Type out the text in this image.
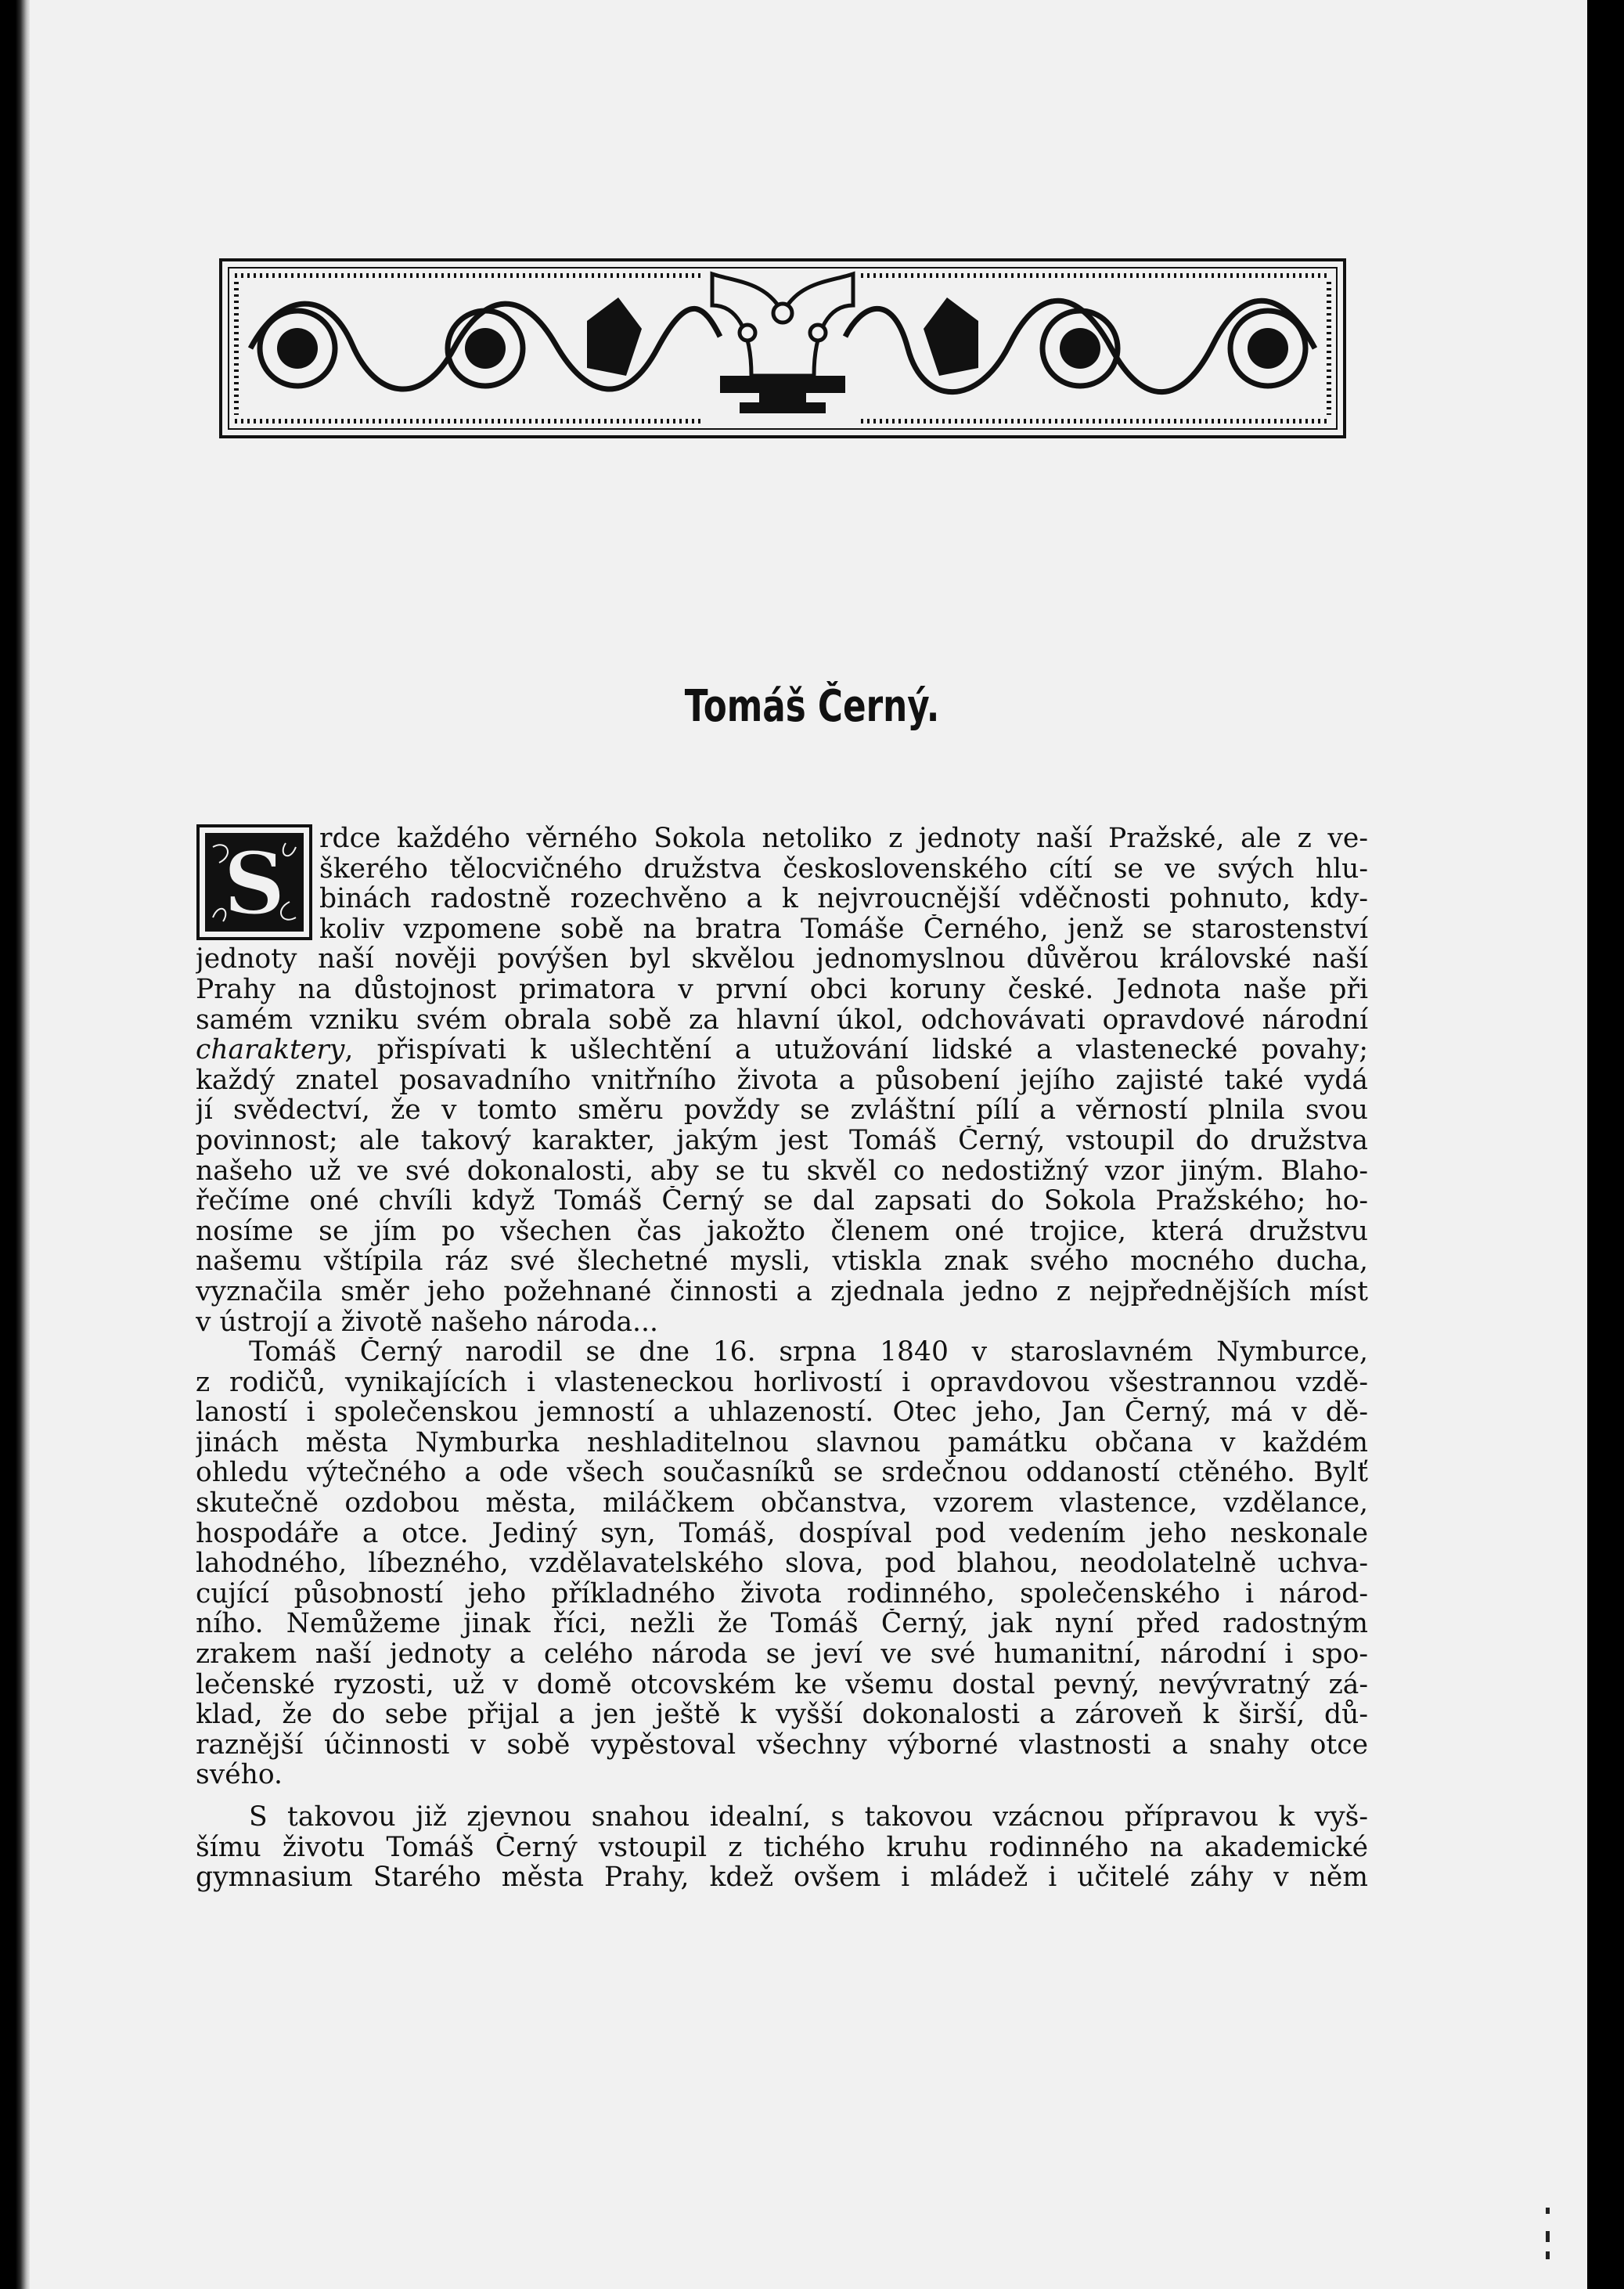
Tomáš Černý.
S	rdce každého věrného Sokola netoliko z jednoty naší Pražské, ale z ve-
škerého tělocvičného družstva československého cítí se ve svých hlu-
binách radostně rozechvěno a k nejvroucnější vděčnosti pohnuto, kdy-
koliv vzpomene sobě na bratra Tomáše Černého, jenž se starostenství
jednoty naší nověji povýšen byl skvělou jednomyslnou důvěrou královské naší
Prahy na důstojnost primatora v první obci koruny české. Jednota naše při
samém vzniku svém obrala sobě za hlavní úkol, odchovávati opravdové národní
charaktery, přispívati k ušlechtění a utužování lidské a vlastenecké povahy;
každý znatel posavadního vnitřního života a působení jejího zajisté také vydá
jí svědectví, že v tomto směru povždy se zvláštní pílí a věrností plnila svou
povinnost; ale takový karakter, jakým jest Tomáš Černý, vstoupil do družstva
našeho už ve své dokonalosti, aby se tu skvěl co nedostižný vzor jiným. Blaho-
řečíme oné chvíli když Tomáš Černý se dal zapsati do Sokola Pražského; ho-
nosíme se jím po všechen čas jakožto členem oné trojice, která družstvu
našemu vštípila ráz své šlechetné mysli, vtiskla znak svého mocného ducha,
vyznačila směr jeho požehnané činnosti a zjednala jedno z nejpřednějších míst
v ústrojí a životě našeho národa...
Tomáš Černý narodil se dne 16. srpna 1840 v staroslavném Nymburce,
z rodičů, vynikajících i vlasteneckou horlivostí i opravdovou všestrannou vzdě-
laností i společenskou jemností a uhlazeností. Otec jeho, Jan Černý, má v dě-
jinách města Nymburka neshladitelnou slavnou památku občana v každém
ohledu výtečného a ode všech současníků se srdečnou oddaností ctěného. Bylť
skutečně ozdobou města, miláčkem občanstva, vzorem vlastence, vzdělance,
hospodáře a otce. Jediný syn, Tomáš, dospíval pod vedením jeho neskonale
lahodného, líbezného, vzdělavatelského slova, pod blahou, neodolatelně uchva-
cující působností jeho příkladného života rodinného, společenského i národ-
ního. Nemůžeme jinak říci, nežli že Tomáš Černý, jak nyní před radostným
zrakem naší jednoty a celého národa se jeví ve své humanitní, národní i spo-
lečenské ryzosti, už v domě otcovském ke všemu dostal pevný, nevývratný zá-
klad, že do sebe přijal a jen ještě k vyšší dokonalosti a zároveň k širší, dů-
raznější účinnosti v sobě vypěstoval všechny výborné vlastnosti a snahy otce
svého.
S takovou již zjevnou snahou idealní, s takovou vzácnou přípravou k vyš-
šímu životu Tomáš Černý vstoupil z tichého kruhu rodinného na akademické
gymnasium Starého města Prahy, kdež ovšem i mládež i učitelé záhy v něm
